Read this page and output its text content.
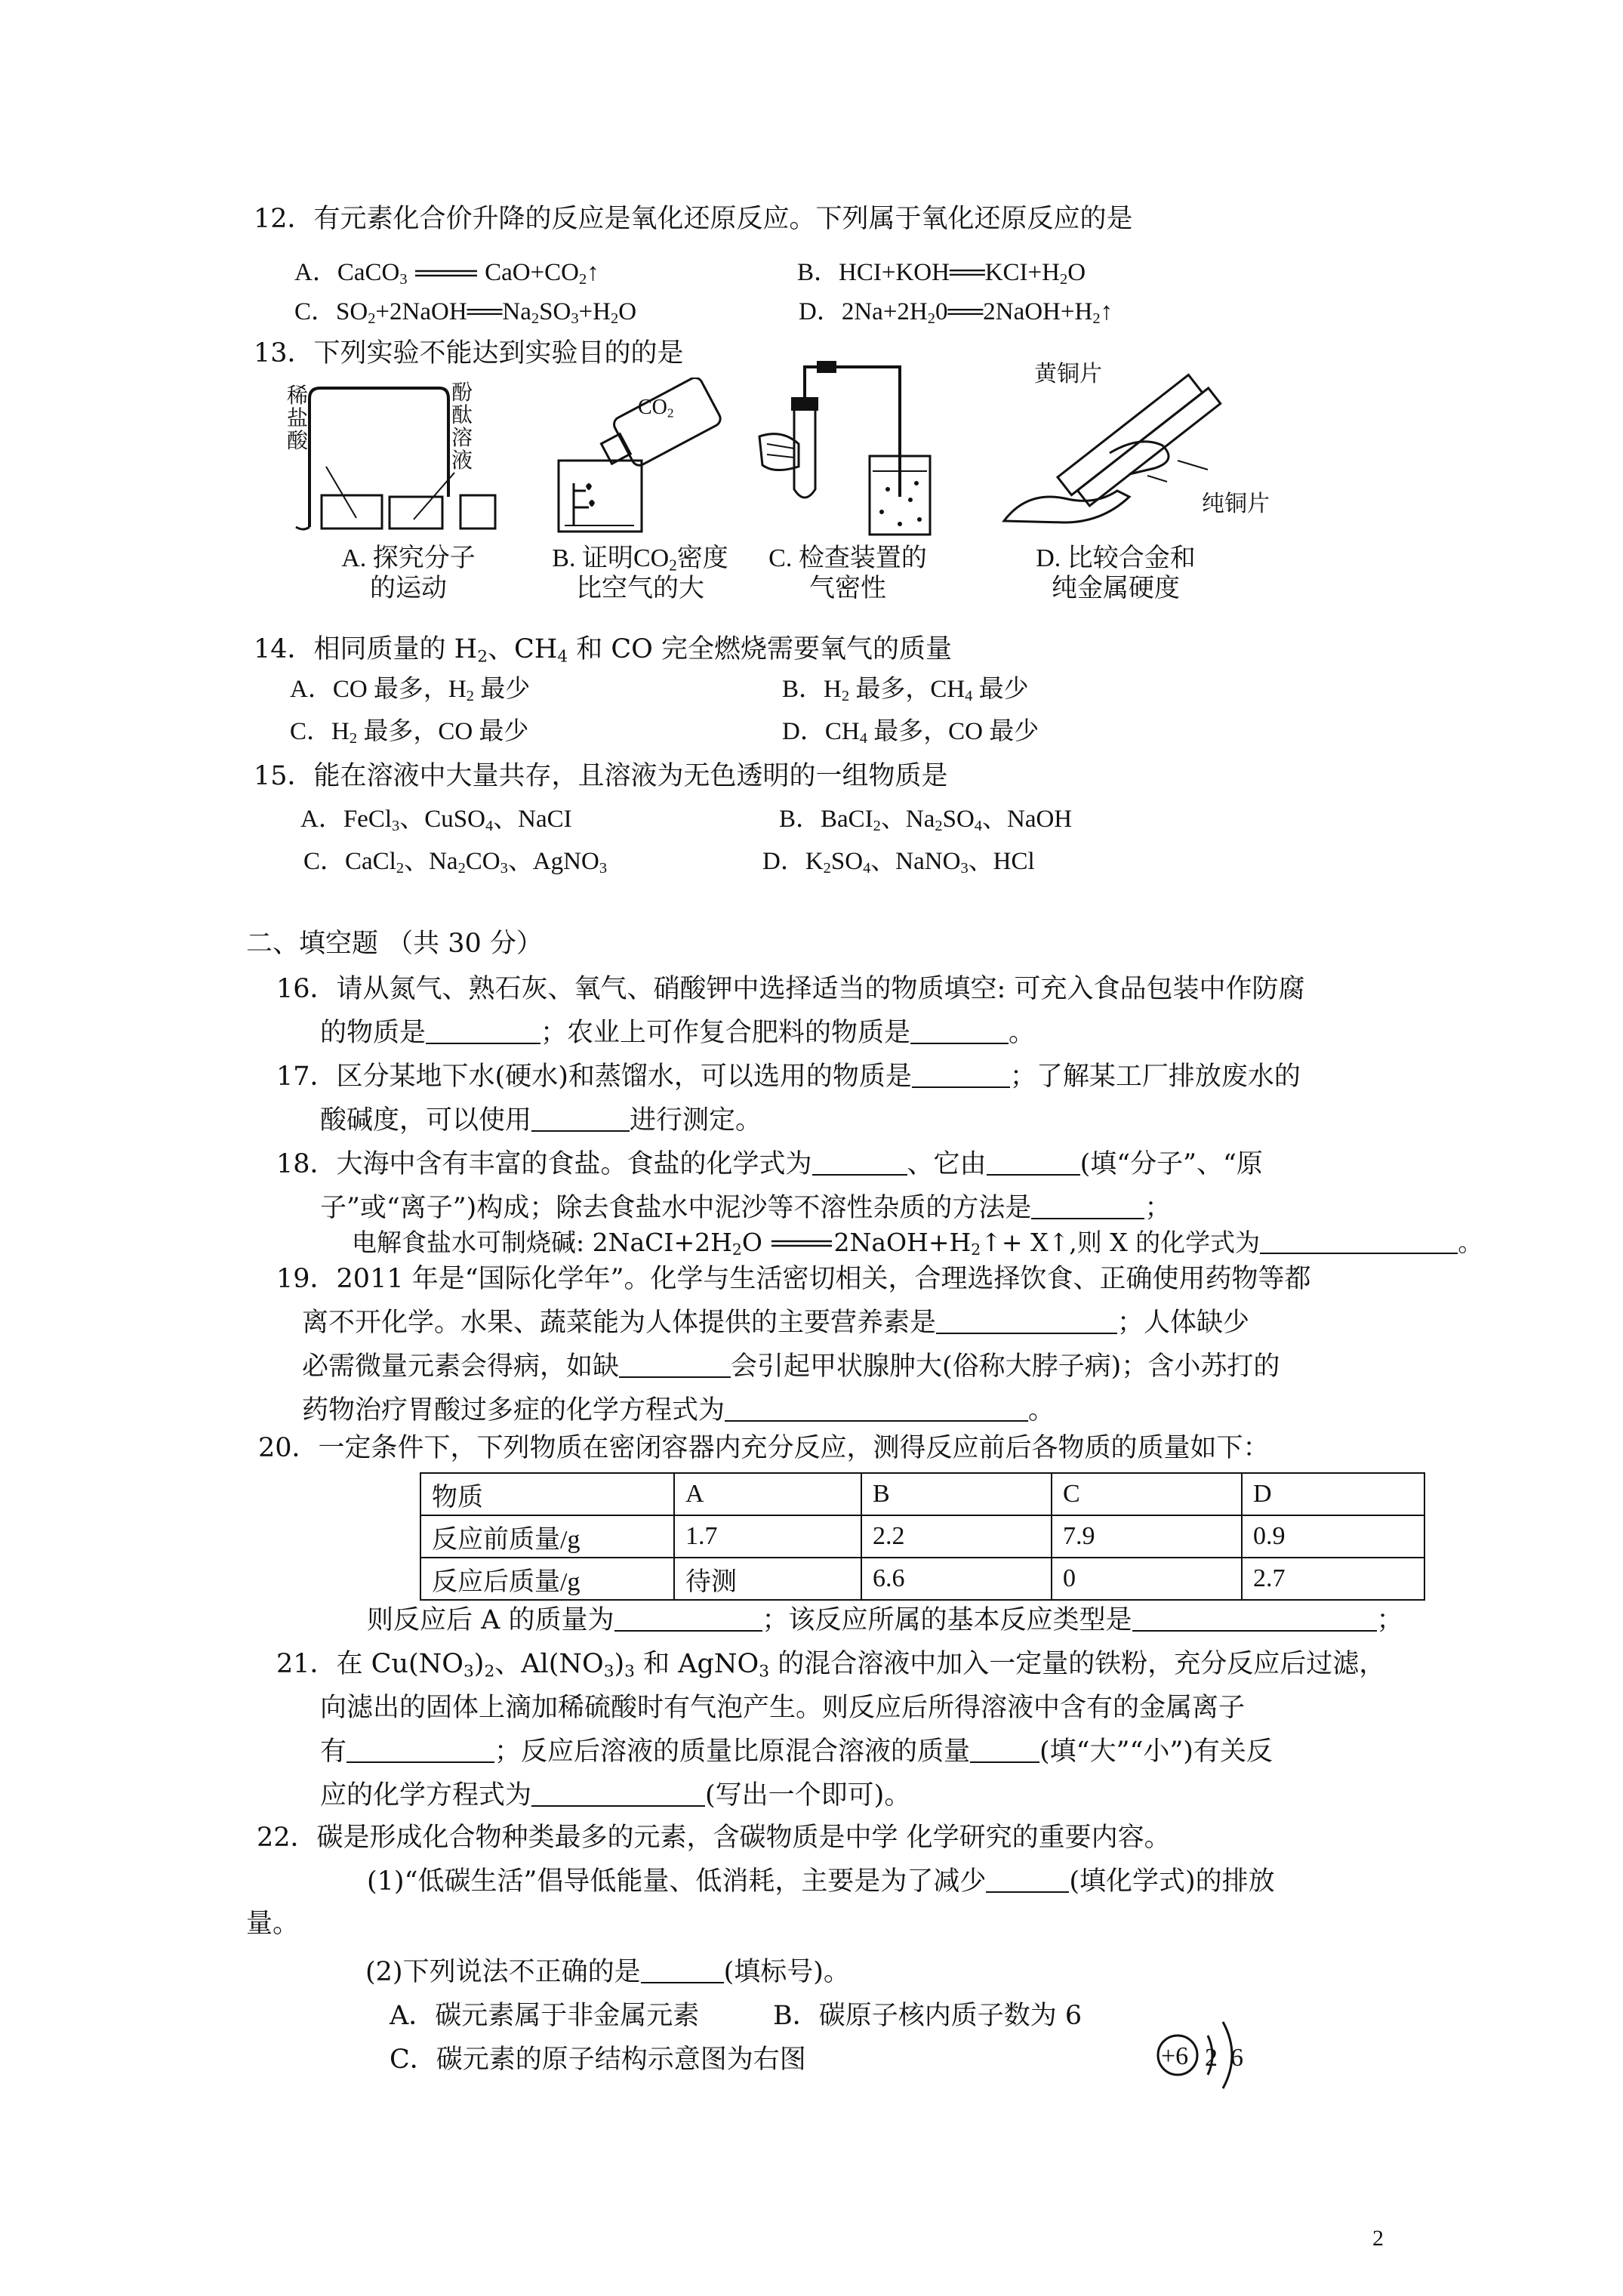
12．有元素化合价升降的反应是氧化还原反应。下列属于氧化还原反应的是
A．CaCO$_3$	$CaO+CO_2↑$	B．$HCI+KOH══KCI+H_2O$
C．$SO_2+2NaOH══Na_2SO_3+H_2O$	D．$2Na+2H_20══2NaOH+H_2↑$
13．下列实验不能达到实验目的的是
稀
盐
酸
酚
酞
溶
液
A. 探究分子
的运动
$CO_2$
B. 证明$CO_2$密度
比空气的大
C. 检查装置的
气密性
黄铜片
纯铜片
D. 比较合金和
纯金属硬度
14．相同质量的 $H_2$、$CH_4$ 和 CO 完全燃烧需要氧气的质量
A．CO 最多，$H_2$ 最少	B．$H_2$ 最多，$CH_4$ 最少
C．$H_2$ 最多，CO 最少	D．$CH_4$ 最多，CO 最少
15．能在溶液中大量共存，且溶液为无色透明的一组物质是
A．FeCl$_3$、CuSO$_4$、NaCI	B．BaCI$_2$、$Na_2SO_4$、NaOH
C．CaCl$_2$、$Na_2CO_3$、AgNO$_3$	D．$K_2SO_4$、NaNO$_3$、HCl
二、填空题 （共 30 分）
16．请从氮气、熟石灰、氧气、硝酸钾中选择适当的物质填空: 可充入食品包装中作防腐
的物质是	；农业上可作复合肥料的物质是	。
17．区分某地下水(硬水)和蒸馏水，可以选用的物质是	；了解某工厂排放废水的
酸碱度，可以使用	进行测定。
18．大海中含有丰富的食盐。食盐的化学式为	、它由	(填“分子”、“原
子”或“离子”)构成；除去食盐水中泥沙等不溶性杂质的方法是	；
电解食盐水可制烧碱: $2NaCI+2H_2O$	$2NaOH+H_2↑+$ X↑,则 X 的化学式为	。
19．2011 年是“国际化学年”。化学与生活密切相关，合理选择饮食、正确使用药物等都
离不开化学。水果、蔬菜能为人体提供的主要营养素是	；人体缺少
必需微量元素会得病，如缺	会引起甲状腺肿大(俗称大脖子病)；含小苏打的
药物治疗胃酸过多症的化学方程式为	。
20．一定条件下，下列物质在密闭容器内充分反应，测得反应前后各物质的质量如下：
物质	A	B	C	D
反应前质量/g	1.7	2.2	7.9	0.9
反应后质量/g	待测	6.6	0	2.7
则反应后 A 的质量为	；该反应所属的基本反应类型是	；
21．在 $Cu(NO_3)_2$、$Al(NO_3)_3$ 和 AgNO$_3$ 的混合溶液中加入一定量的铁粉，充分反应后过滤，
向滤出的固体上滴加稀硫酸时有气泡产生。则反应后所得溶液中含有的金属离子
有	；反应后溶液的质量比原混合溶液的质量	(填“大”“小”)有关反
应的化学方程式为	(写出一个即可)。
22．碳是形成化合物种类最多的元素，含碳物质是中学 化学研究的重要内容。
(1)“低碳生活”倡导低能量、低消耗，主要是为了减少	(填化学式)的排放
量。
(2)下列说法不正确的是	(填标号)。
A．碳元素属于非金属元素	B．碳原子核内质子数为 6
C．碳元素的原子结构示意图为右图	+6 2 6
2
